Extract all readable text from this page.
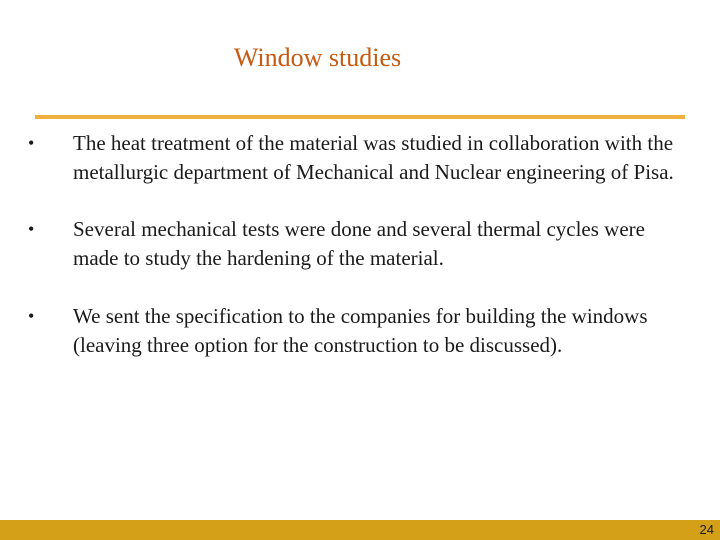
Window studies
•	The heat treatment of the material was studied in collaboration with the metallurgic department of Mechanical and Nuclear engineering of Pisa.
•	Several mechanical tests were done and several thermal cycles were made to study the hardening of the material.
•	We sent the specification to the companies for building the windows (leaving three option for the construction to be discussed).
24
